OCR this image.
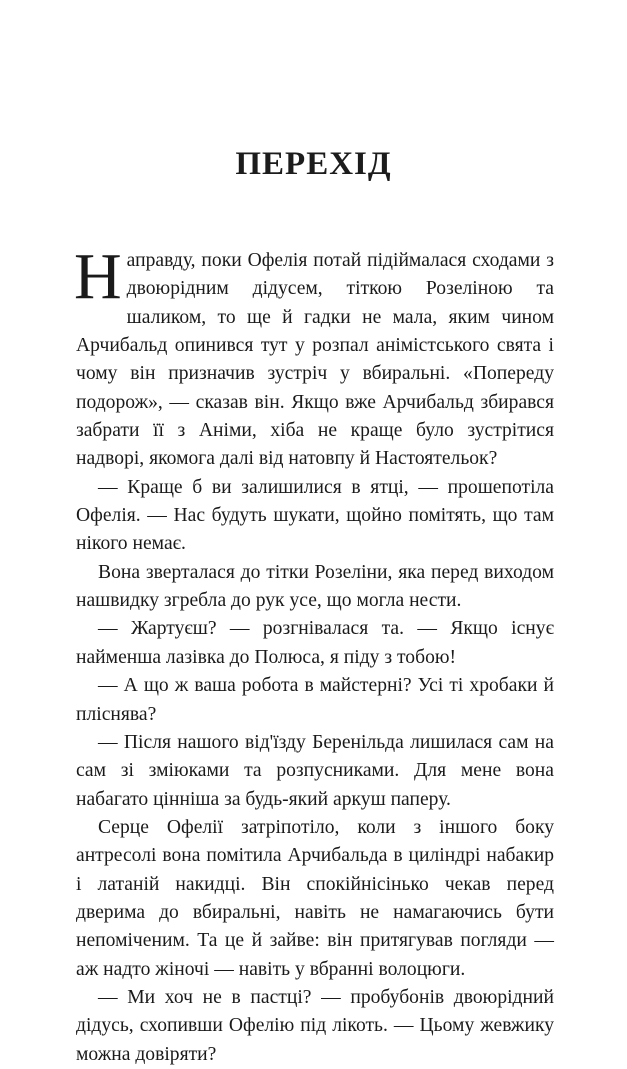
ПЕРЕХІД

Направду, поки Офелія потай підіймалася сходами з двоюрідним дідусем, тіткою Розеліною та шаликом, то ще й гадки не мала, яким чином Арчибальд опинився тут у розпал анімістського свята і чому він призначив зустріч у вбиральні. «Попереду подорож», — сказав він. Якщо вже Арчибальд збирався забрати її з Аніми, хіба не краще було зустрітися надворі, якомога далі від натовпу й Настоятельок?

— Краще б ви залишилися в ятці, — прошепотіла Офелія. — Нас будуть шукати, щойно помітять, що там нікого немає.

Вона зверталася до тітки Розеліни, яка перед виходом нашвидку згребла до рук усе, що могла нести.

— Жартуєш? — розгнівалася та. — Якщо існує найменша лазівка до Полюса, я піду з тобою!

— А що ж ваша робота в майстерні? Усі ті хробаки й пліснява?

— Після нашого від'їзду Беренільда лишилася сам на сам зі зміюками та розпусниками. Для мене вона набагато цінніша за будь-який аркуш паперу.

Серце Офелії затріпотіло, коли з іншого боку антресолі вона помітила Арчибальда в циліндрі набакир і латаній накидці. Він спокійнісінько чекав перед дверима до вбиральні, навіть не намагаючись бути непоміченим. Та це й зайве: він притягував погляди — аж надто жіночі — навіть у вбранні волоцюги.

— Ми хоч не в пастці? — пробубонів двоюрідний дідусь, схопивши Офелію під лікоть. — Цьому жевжику можна довіряти?
